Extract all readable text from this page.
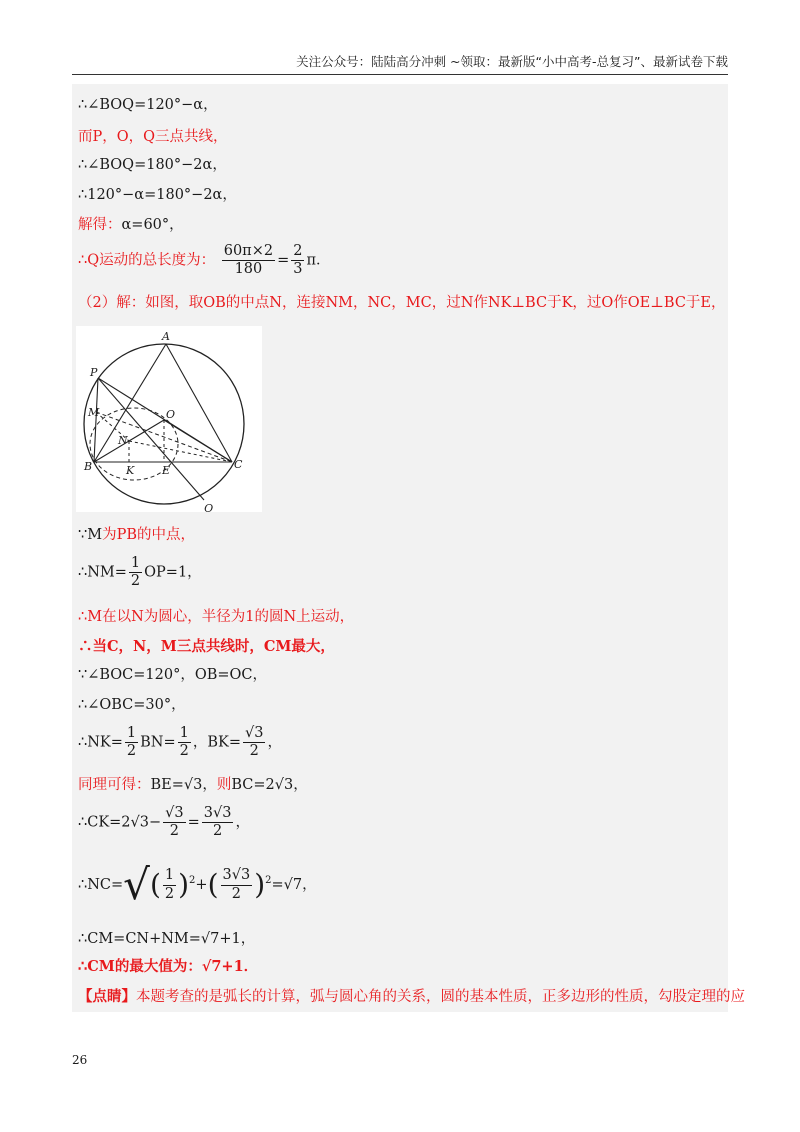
关注公众号：陆陆高分冲刺 ~领取：最新版“小中高考-总复习”、最新试卷下载
∴∠BOQ=120°−α，
而P，O，Q三点共线，
∴∠BOQ=180°−2α，
∴120°−α=180°−2α，
解得：α=60°，
∴Q运动的总长度为： $\frac{60\pi\times 2}{180} = \frac{2}{3}$ π．
（2）解：如图，取OB的中点N，连接NM，NC，MC，过N作NK⊥BC于K，过O作OE⊥BC于E，
A
P
M	O
N
B	K	E	C
Q
∵M为PB的中点，
∴NM= $\frac{1}{2} OP=1$，
∴M在以N为圆心，半径为1的圆N上运动，
∴当C，N，M三点共线时，CM最大，
∵∠BOC=120°，OB=OC，
∴∠OBC=30°，
∴NK= $\frac{1}{2} BN= \frac{1}{2}$ ，$BK= \frac{√3}{2}$ ，
同理可得：BE=√3，则BC=2√3，
∴CK=2√3− $\frac{√3}{2} = \frac{3√3}{2}$ ，
∴NC=√( $\frac{1}{2} )^2+( \frac{3√3}{2} )^2=√7$，
∴CM=CN+NM=√7+1，
∴CM的最大值为：√7+1．
【点睛】本题考查的是弧长的计算，弧与圆心角的关系，圆的基本性质，正多边形的性质，勾股定理的应
26
